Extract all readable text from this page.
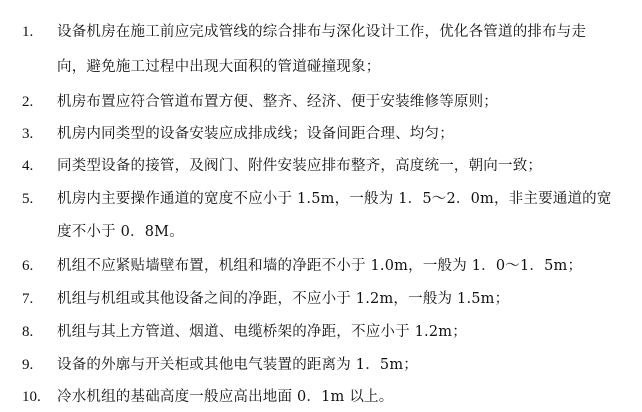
1.	设备机房在施工前应完成管线的综合排布与深化设计工作，优化各管道的排布与走
向，避免施工过程中出现大面积的管道碰撞现象；
2.	机房布置应符合管道布置方便、整齐、经济、便于安装维修等原则；
3.	机房内同类型的设备安装应成排成线；设备间距合理、均匀；
4.	同类型设备的接管，及阀门、附件安装应排布整齐，高度统一，朝向一致；
5.	机房内主要操作通道的宽度不应小于 1.5m，一般为 1．5～2．0m，非主要通道的宽
度不小于 0．8M。
6.	机组不应紧贴墙壁布置，机组和墙的净距不小于 1.0m，一般为 1．0～1．5m；
7.	机组与机组或其他设备之间的净距，不应小于 1.2m，一般为 1.5m；
8.	机组与其上方管道、烟道、电缆桥架的净距，不应小于 1.2m；
9.	设备的外廓与开关柜或其他电气装置的距离为 1．5m；
10.	冷水机组的基础高度一般应高出地面 0．1m 以上。
